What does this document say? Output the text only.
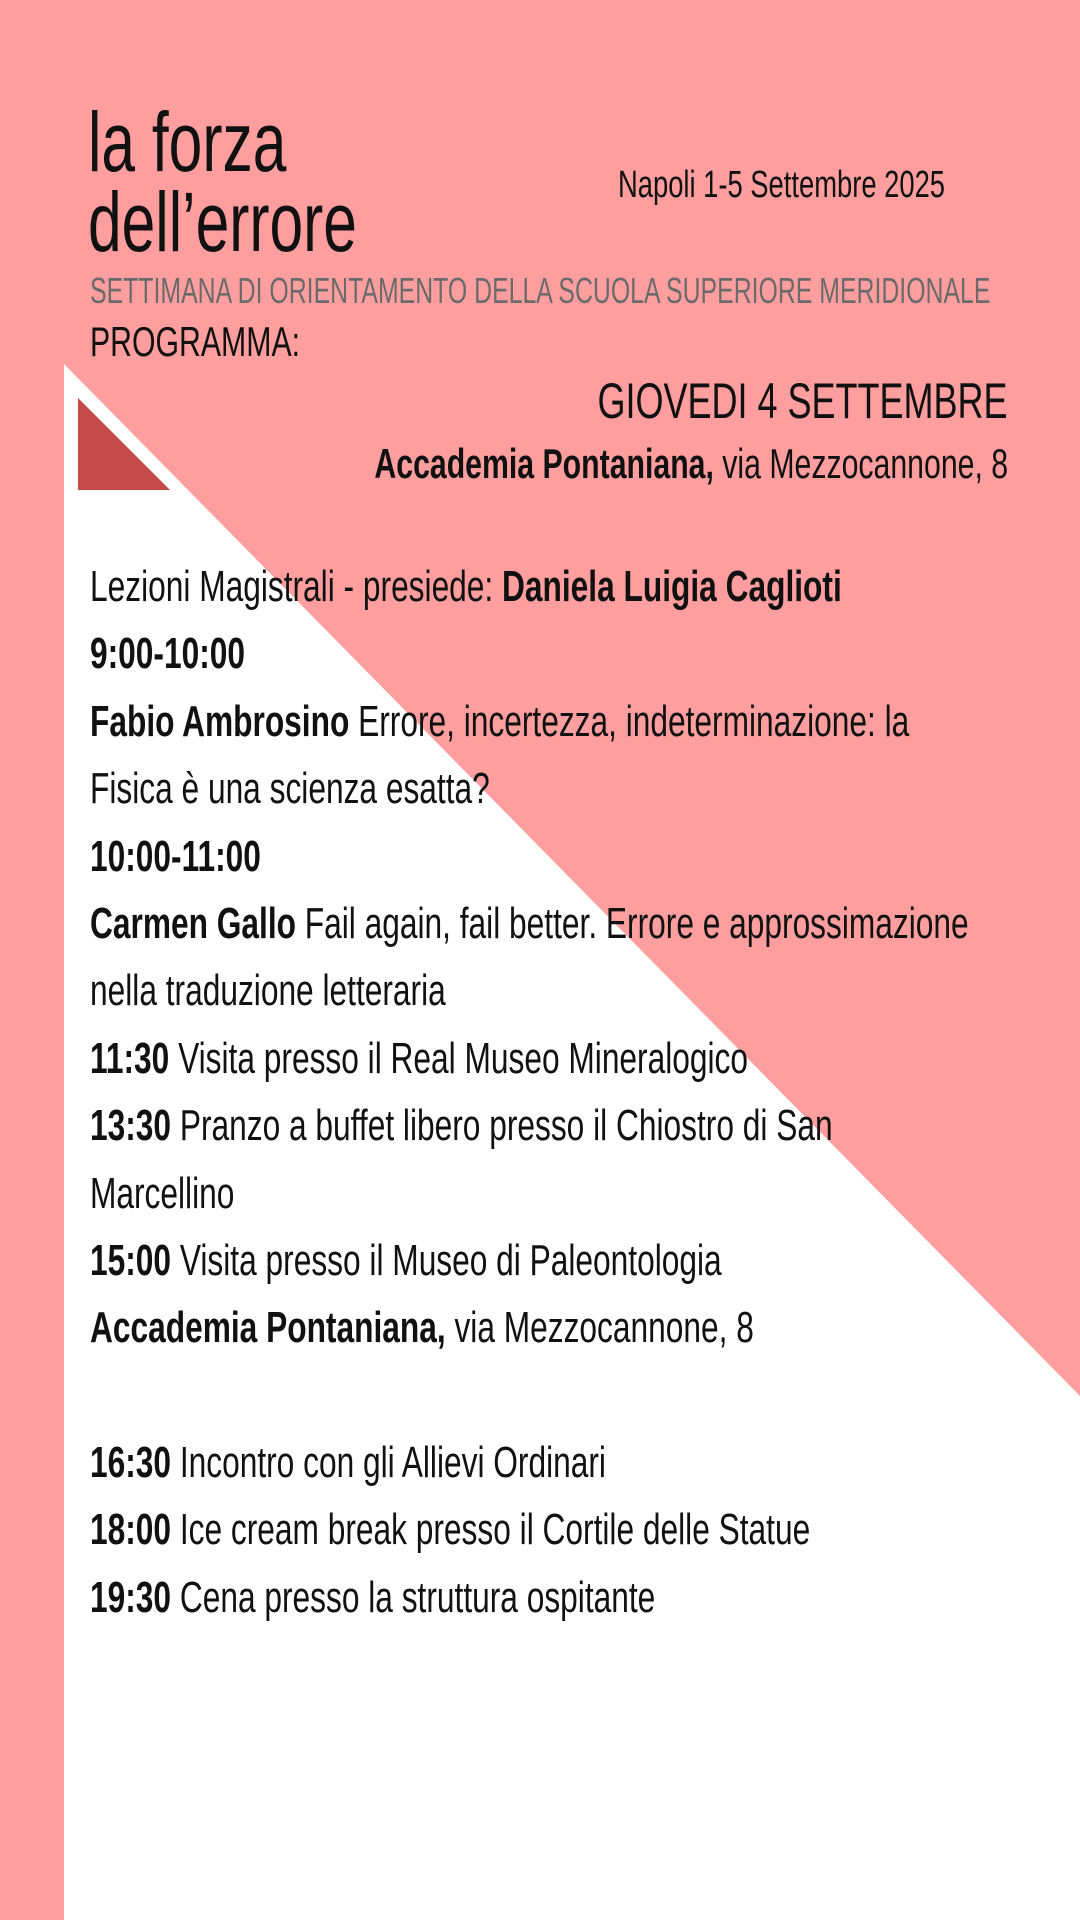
la forza
dell’errore	Napoli 1-5 Settembre 2025
SETTIMANA DI ORIENTAMENTO DELLA SCUOLA SUPERIORE MERIDIONALE
PROGRAMMA:
GIOVEDI 4 SETTEMBRE
Accademia Pontaniana, via Mezzocannone, 8
Lezioni Magistrali - presiede: Daniela Luigia Caglioti
9:00-10:00
Fabio Ambrosino Errore, incertezza, indeterminazione: la
Fisica è una scienza esatta?
10:00-11:00
Carmen Gallo Fail again, fail better. Errore e approssimazione
nella traduzione letteraria
11:30 Visita presso il Real Museo Mineralogico
13:30 Pranzo a buffet libero presso il Chiostro di San
Marcellino
15:00 Visita presso il Museo di Paleontologia
Accademia Pontaniana, via Mezzocannone, 8
16:30 Incontro con gli Allievi Ordinari
18:00 Ice cream break presso il Cortile delle Statue
19:30 Cena presso la struttura ospitante
